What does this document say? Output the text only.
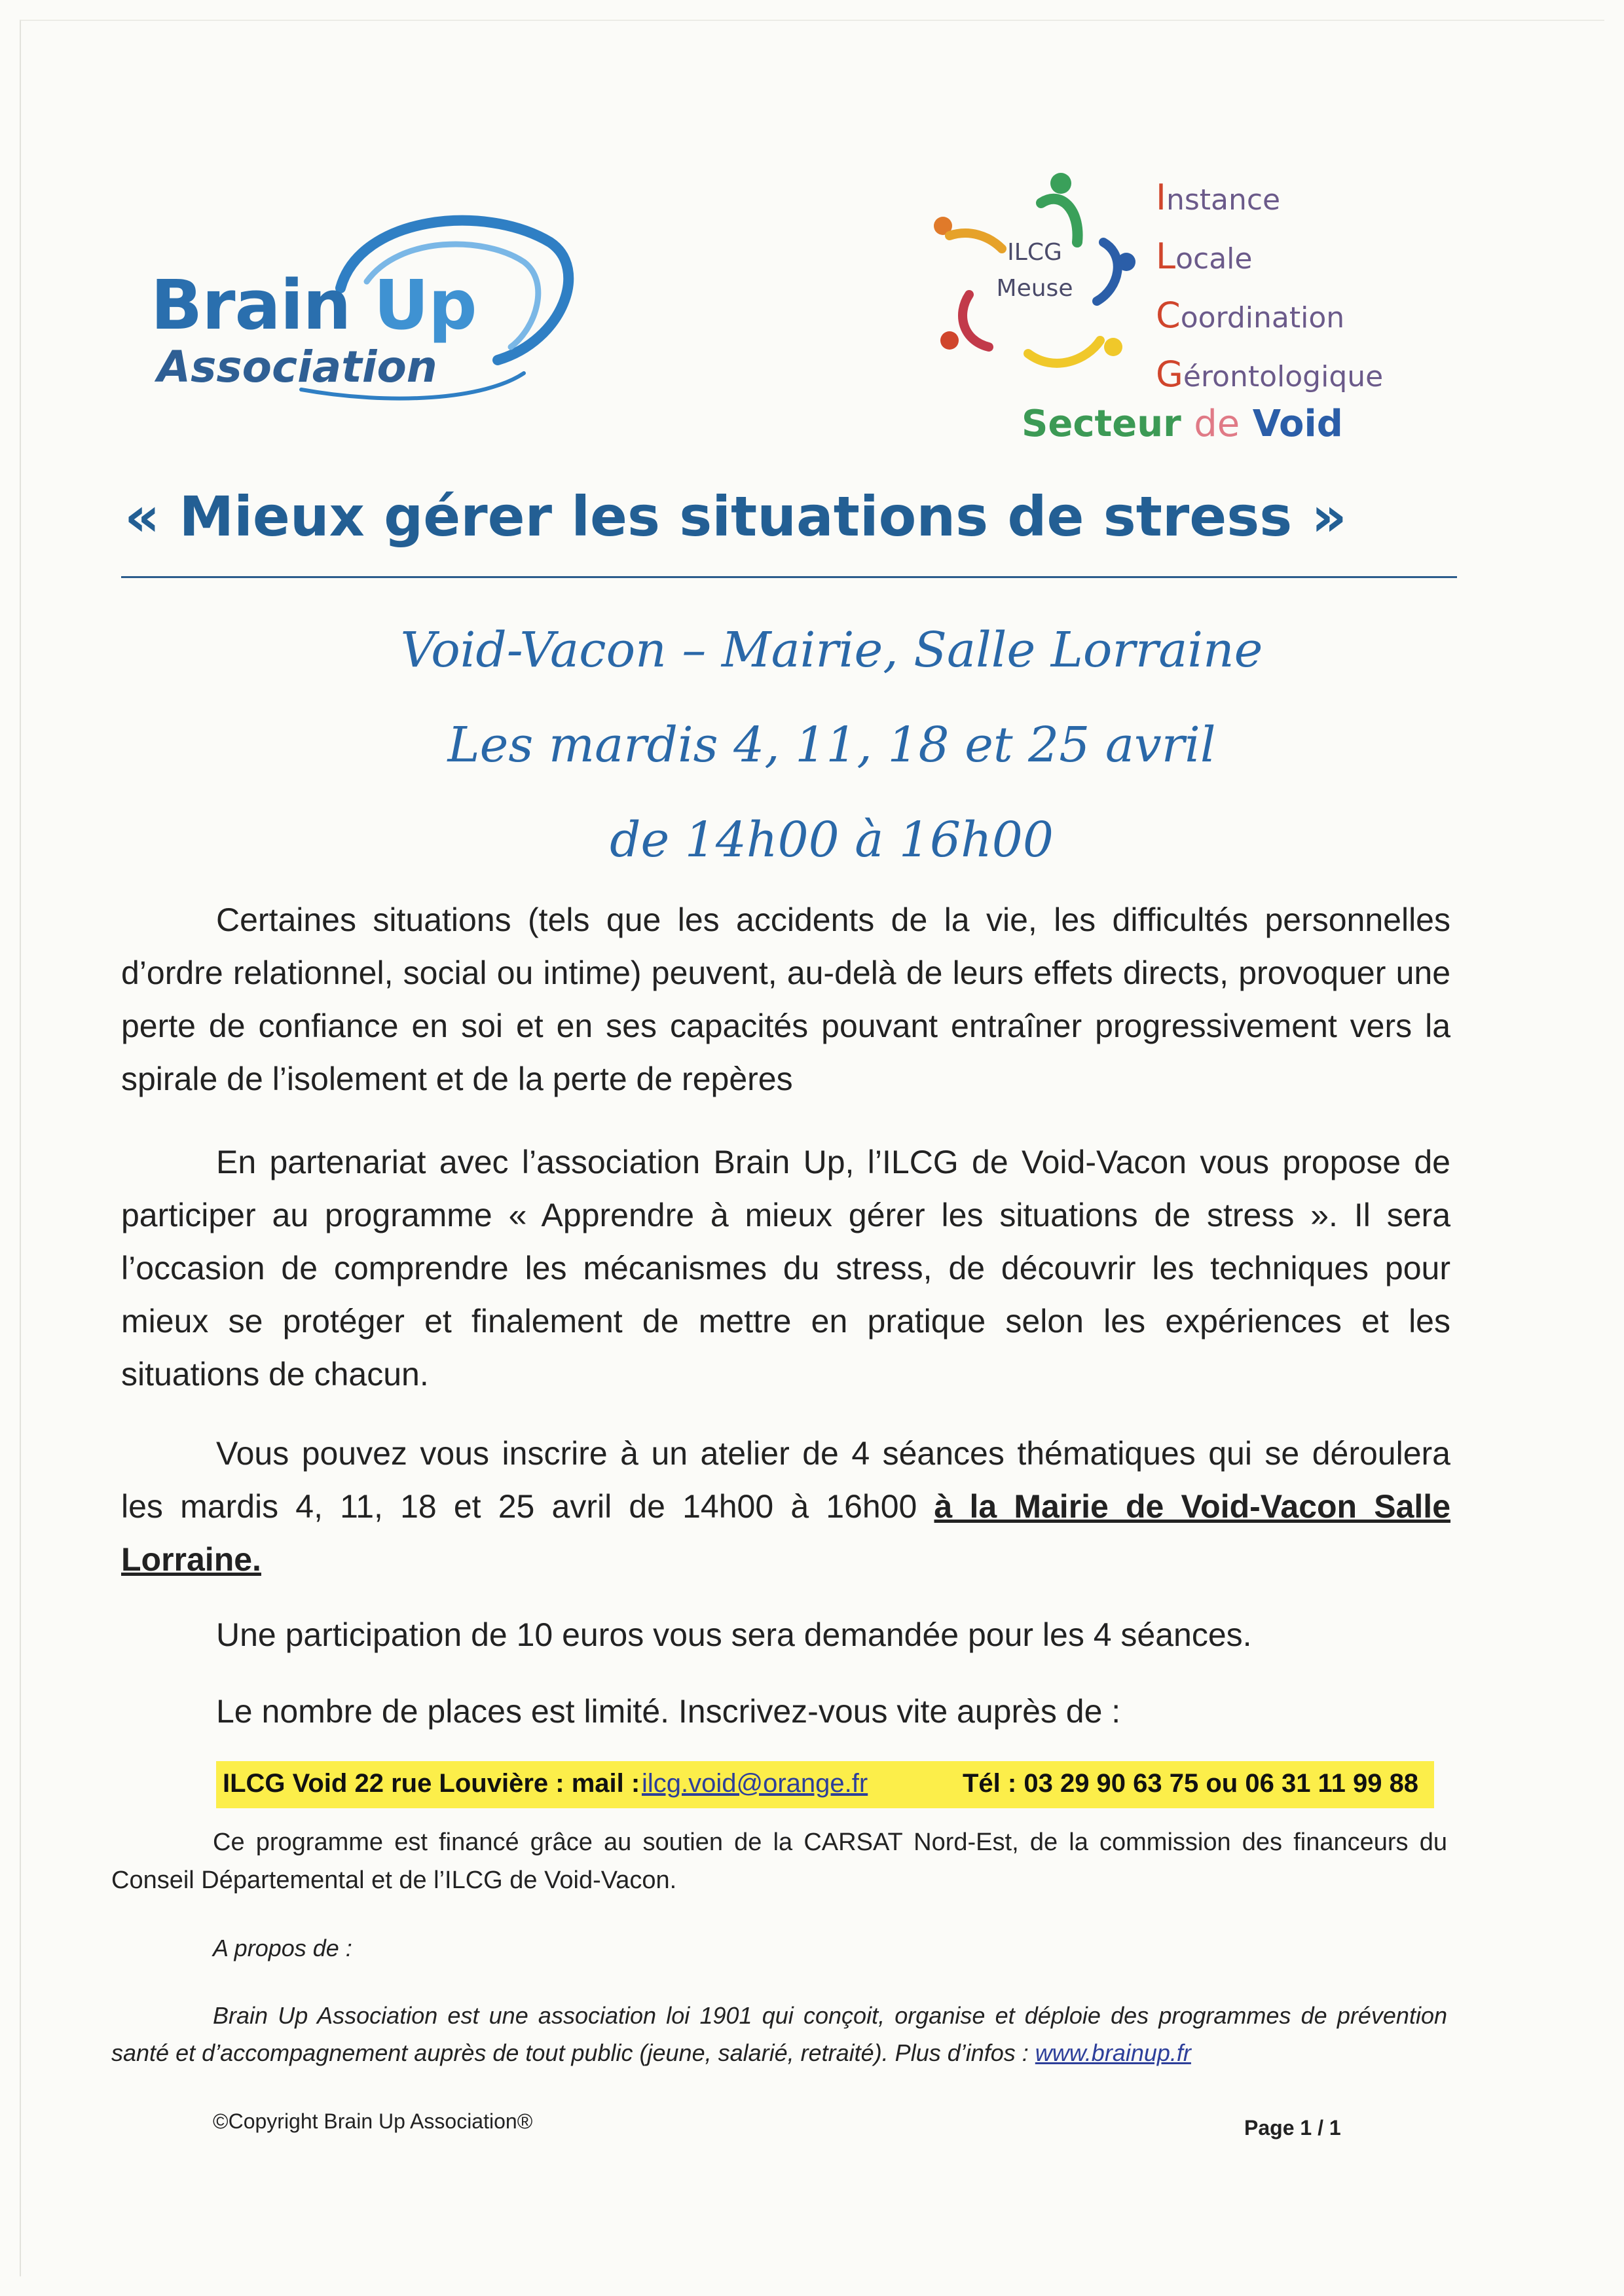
Brain Up
Association
ILCG
Meuse
Instance
Locale
Coordination
Gérontologique
Secteur de Void
« Mieux gérer les situations de stress »
Void-Vacon – Mairie, Salle Lorraine
Les mardis 4, 11, 18 et 25 avril
de 14h00 à 16h00
Certaines situations (tels que les accidents de la vie, les difficultés personnelles d’ordre relationnel, social ou intime) peuvent, au-delà de leurs effets directs, provoquer une perte de confiance en soi et en ses capacités pouvant entraîner progressivement vers la spirale de l’isolement et de la perte de repères
En partenariat avec l’association Brain Up, l’ILCG de Void-Vacon vous propose de participer au programme « Apprendre à mieux gérer les situations de stress ». Il sera l’occasion de comprendre les mécanismes du stress, de découvrir les techniques pour mieux se protéger et finalement de mettre en pratique selon les expériences et les situations de chacun.
Vous pouvez vous inscrire à un atelier de 4 séances thématiques qui se déroulera les mardis 4, 11, 18 et 25 avril de 14h00 à 16h00 à la Mairie de Void-Vacon Salle Lorraine.
Une participation de 10 euros vous sera demandée pour les 4 séances.
Le nombre de places est limité. Inscrivez-vous vite auprès de :
ILCG Void 22 rue Louvière : mail : ilcg.void@orange.fr	Tél : 03 29 90 63 75 ou 06 31 11 99 88
Ce programme est financé grâce au soutien de la CARSAT Nord-Est, de la commission des financeurs du Conseil Départemental et de l’ILCG de Void-Vacon.
A propos de :
Brain Up Association est une association loi 1901 qui conçoit, organise et déploie des programmes de prévention santé et d’accompagnement auprès de tout public (jeune, salarié, retraité). Plus d’infos : www.brainup.fr
©Copyright Brain Up Association®	Page 1 / 1
